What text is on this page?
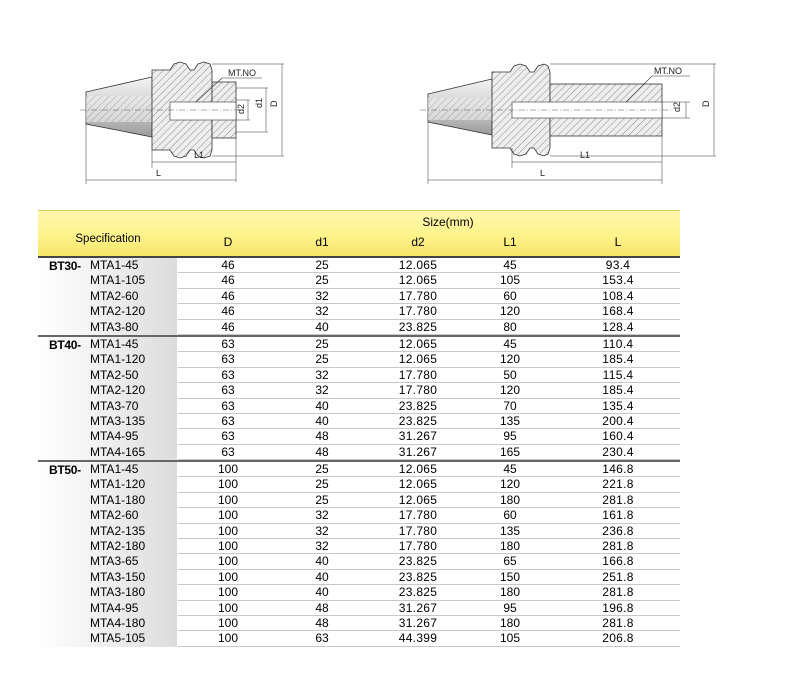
MT.NO
d2
d1 D
L1
L
MT.NO
d2 D
L1
L
Size(mm)
Specification	D	d1	d2	L1	L
BT30- MTA1-45	46	25	12.065	45	93.4
MTA1-105	46	25	12.065	105	153.4
MTA2-60	46	32	17.780	60	108.4
MTA2-120	46	32	17.780	120	168.4
MTA3-80	46	40	23.825	80	128.4
BT40- MTA1-45	63	25	12.065	45	110.4
MTA1-120	63	25	12.065	120	185.4
MTA2-50	63	32	17.780	50	115.4
MTA2-120	63	32	17.780	120	185.4
MTA3-70	63	40	23.825	70	135.4
MTA3-135	63	40	23.825	135	200.4
MTA4-95	63	48	31.267	95	160.4
MTA4-165	63	48	31.267	165	230.4
BT50- MTA1-45	100	25	12.065	45	146.8
MTA1-120	100	25	12.065	120	221.8
MTA1-180	100	25	12.065	180	281.8
MTA2-60	100	32	17.780	60	161.8
MTA2-135	100	32	17.780	135	236.8
MTA2-180	100	32	17.780	180	281.8
MTA3-65	100	40	23.825	65	166.8
MTA3-150	100	40	23.825	150	251.8
MTA3-180	100	40	23.825	180	281.8
MTA4-95	100	48	31.267	95	196.8
MTA4-180	100	48	31.267	180	281.8
MTA5-105	100	63	44.399	105	206.8
